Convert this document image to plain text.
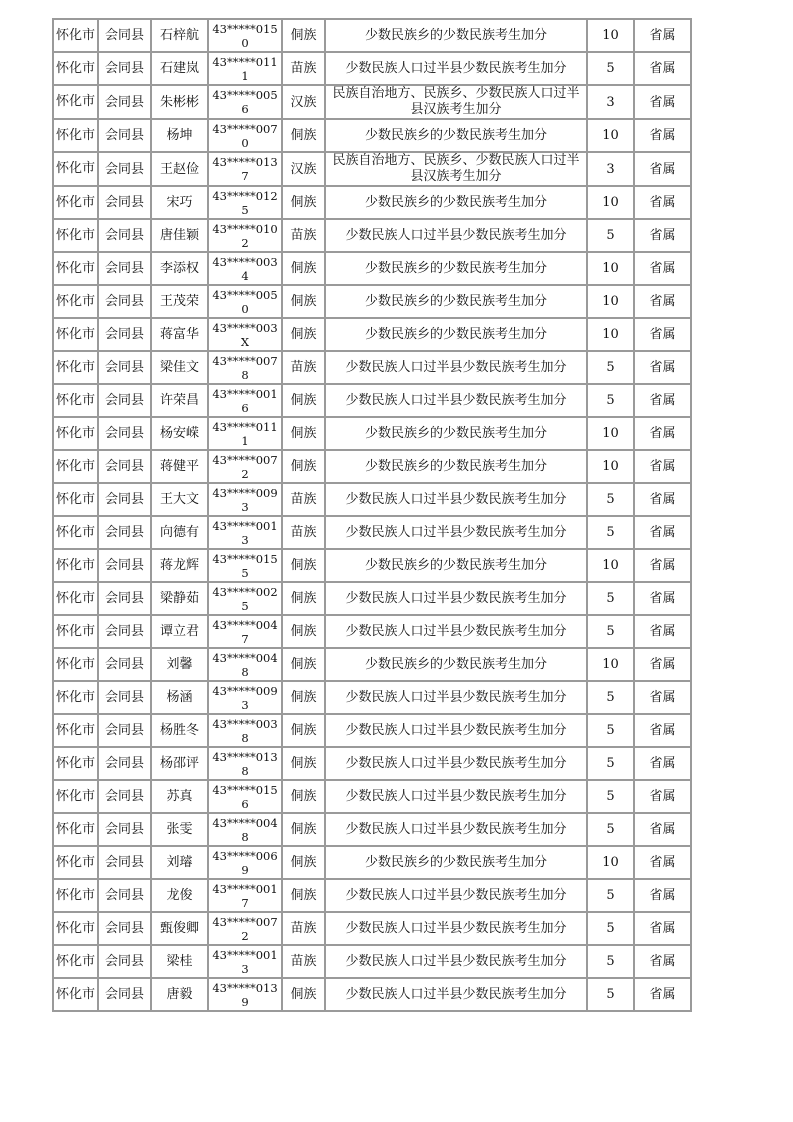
怀化市	会同县	石梓航	43*****0150	侗族	少数民族乡的少数民族考生加分	10	省属
怀化市	会同县	石建岚	43*****0111	苗族	少数民族人口过半县少数民族考生加分	5	省属
怀化市	会同县	朱彬彬	43*****0056	汉族	民族自治地方、民族乡、少数民族人口过半县汉族考生加分	3	省属
怀化市	会同县	杨坤	43*****0070	侗族	少数民族乡的少数民族考生加分	10	省属
怀化市	会同县	王赵俭	43*****0137	汉族	民族自治地方、民族乡、少数民族人口过半县汉族考生加分	3	省属
怀化市	会同县	宋巧	43*****0125	侗族	少数民族乡的少数民族考生加分	10	省属
怀化市	会同县	唐佳颖	43*****0102	苗族	少数民族人口过半县少数民族考生加分	5	省属
怀化市	会同县	李添权	43*****0034	侗族	少数民族乡的少数民族考生加分	10	省属
怀化市	会同县	王茂荣	43*****0050	侗族	少数民族乡的少数民族考生加分	10	省属
怀化市	会同县	蒋富华	43*****003X	侗族	少数民族乡的少数民族考生加分	10	省属
怀化市	会同县	梁佳文	43*****0078	苗族	少数民族人口过半县少数民族考生加分	5	省属
怀化市	会同县	许荣昌	43*****0016	侗族	少数民族人口过半县少数民族考生加分	5	省属
怀化市	会同县	杨安嵘	43*****0111	侗族	少数民族乡的少数民族考生加分	10	省属
怀化市	会同县	蒋健平	43*****0072	侗族	少数民族乡的少数民族考生加分	10	省属
怀化市	会同县	王大文	43*****0093	苗族	少数民族人口过半县少数民族考生加分	5	省属
怀化市	会同县	向德有	43*****0013	苗族	少数民族人口过半县少数民族考生加分	5	省属
怀化市	会同县	蒋龙辉	43*****0155	侗族	少数民族乡的少数民族考生加分	10	省属
怀化市	会同县	梁静茹	43*****0025	侗族	少数民族人口过半县少数民族考生加分	5	省属
怀化市	会同县	谭立君	43*****0047	侗族	少数民族人口过半县少数民族考生加分	5	省属
怀化市	会同县	刘馨	43*****0048	侗族	少数民族乡的少数民族考生加分	10	省属
怀化市	会同县	杨涵	43*****0093	侗族	少数民族人口过半县少数民族考生加分	5	省属
怀化市	会同县	杨胜冬	43*****0038	侗族	少数民族人口过半县少数民族考生加分	5	省属
怀化市	会同县	杨邵评	43*****0138	侗族	少数民族人口过半县少数民族考生加分	5	省属
怀化市	会同县	苏真	43*****0156	侗族	少数民族人口过半县少数民族考生加分	5	省属
怀化市	会同县	张雯	43*****0048	侗族	少数民族人口过半县少数民族考生加分	5	省属
怀化市	会同县	刘璿	43*****0069	侗族	少数民族乡的少数民族考生加分	10	省属
怀化市	会同县	龙俊	43*****0017	侗族	少数民族人口过半县少数民族考生加分	5	省属
怀化市	会同县	甄俊卿	43*****0072	苗族	少数民族人口过半县少数民族考生加分	5	省属
怀化市	会同县	梁桂	43*****0013	苗族	少数民族人口过半县少数民族考生加分	5	省属
怀化市	会同县	唐毅	43*****0139	侗族	少数民族人口过半县少数民族考生加分	5	省属
